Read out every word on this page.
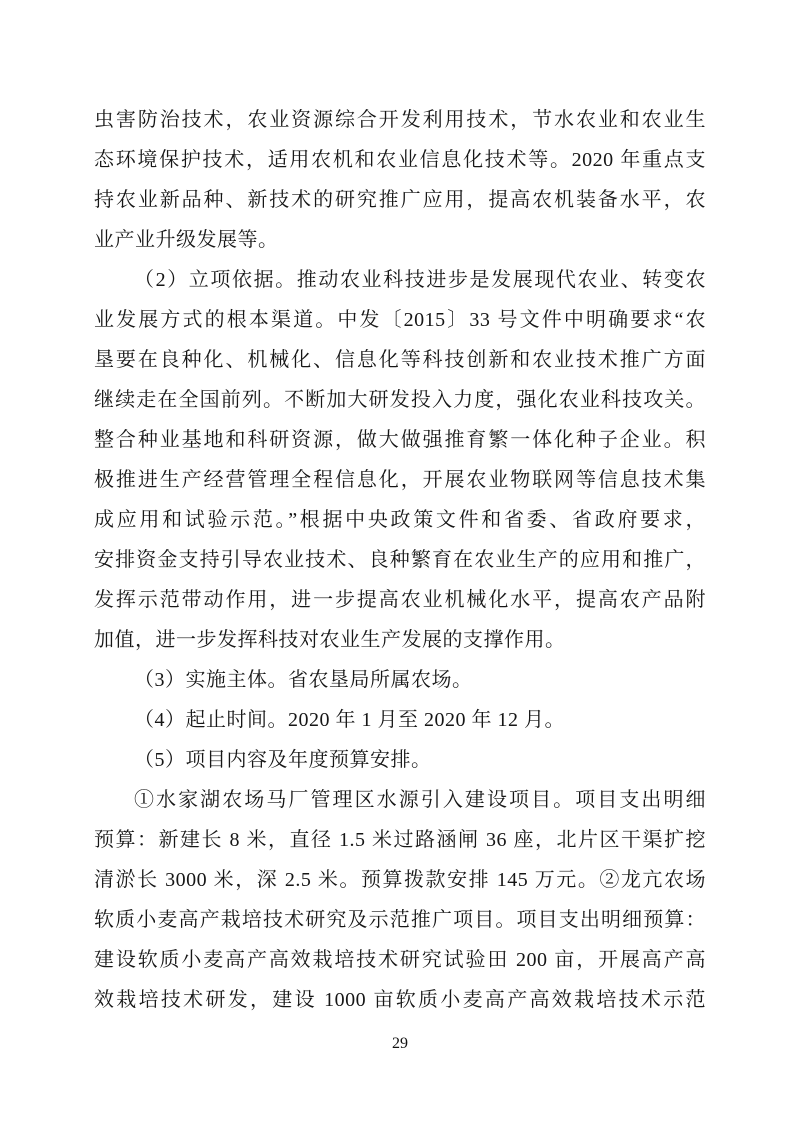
虫害防治技术，农业资源综合开发利用技术，节水农业和农业生
态环境保护技术，适用农机和农业信息化技术等。2020 年重点支
持农业新品种、新技术的研究推广应用，提高农机装备水平，农
业产业升级发展等。
（2）立项依据。推动农业科技进步是发展现代农业、转变农
业发展方式的根本渠道。中发〔2015〕33 号文件中明确要求“农
垦要在良种化、机械化、信息化等科技创新和农业技术推广方面
继续走在全国前列。不断加大研发投入力度，强化农业科技攻关。
整合种业基地和科研资源，做大做强推育繁一体化种子企业。积
极推进生产经营管理全程信息化，开展农业物联网等信息技术集
成应用和试验示范。”根据中央政策文件和省委、省政府要求，
安排资金支持引导农业技术、良种繁育在农业生产的应用和推广，
发挥示范带动作用，进一步提高农业机械化水平，提高农产品附
加值，进一步发挥科技对农业生产发展的支撑作用。
（3）实施主体。省农垦局所属农场。
（4）起止时间。2020 年 1 月至 2020 年 12 月。
（5）项目内容及年度预算安排。
①水家湖农场马厂管理区水源引入建设项目。项目支出明细
预算：新建长 8 米，直径 1.5 米过路涵闸 36 座，北片区干渠扩挖
清淤长 3000 米，深 2.5 米。预算拨款安排 145 万元。②龙亢农场
软质小麦高产栽培技术研究及示范推广项目。项目支出明细预算：
建设软质小麦高产高效栽培技术研究试验田 200 亩，开展高产高
效栽培技术研发，建设 1000 亩软质小麦高产高效栽培技术示范
29
